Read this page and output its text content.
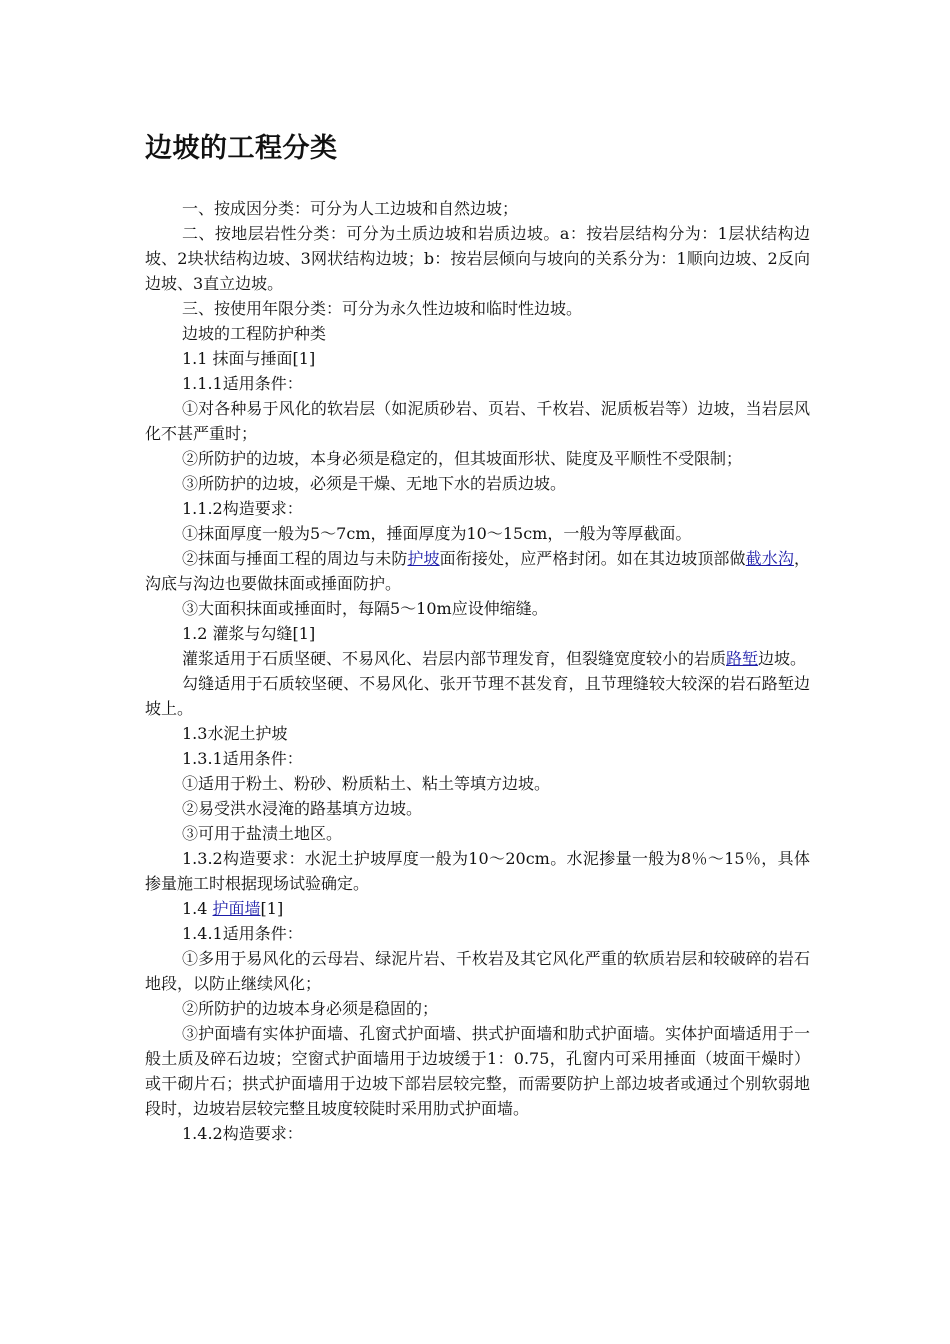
边坡的工程分类

一、按成因分类：可分为人工边坡和自然边坡；

二、按地层岩性分类：可分为土质边坡和岩质边坡。a：按岩层结构分为：1层状结构边坡、2块状结构边坡、3网状结构边坡；b：按岩层倾向与坡向的关系分为：1顺向边坡、2反向边坡、3直立边坡。

三、按使用年限分类：可分为永久性边坡和临时性边坡。

边坡的工程防护种类

1.1 抹面与捶面[1]

1.1.1适用条件：

①对各种易于风化的软岩层（如泥质砂岩、页岩、千枚岩、泥质板岩等）边坡，当岩层风化不甚严重时；

②所防护的边坡，本身必须是稳定的，但其坡面形状、陡度及平顺性不受限制；

③所防护的边坡，必须是干燥、无地下水的岩质边坡。

1.1.2构造要求：

①抹面厚度一般为5～7cm，捶面厚度为10～15cm，一般为等厚截面。

②抹面与捶面工程的周边与未防护坡面衔接处，应严格封闭。如在其边坡顶部做截水沟，沟底与沟边也要做抹面或捶面防护。

③大面积抹面或捶面时，每隔5～10m应设伸缩缝。

1.2 灌浆与勾缝[1]

灌浆适用于石质坚硬、不易风化、岩层内部节理发育，但裂缝宽度较小的岩质路堑边坡。

勾缝适用于石质较坚硬、不易风化、张开节理不甚发育，且节理缝较大较深的岩石路堑边坡上。

1.3水泥土护坡

1.3.1适用条件：

①适用于粉土、粉砂、粉质粘土、粘土等填方边坡。

②易受洪水浸淹的路基填方边坡。

③可用于盐渍土地区。

1.3.2构造要求：水泥土护坡厚度一般为10～20cm。水泥掺量一般为8％～15％，具体掺量施工时根据现场试验确定。

1.4 护面墙[1]

1.4.1适用条件：

①多用于易风化的云母岩、绿泥片岩、千枚岩及其它风化严重的软质岩层和较破碎的岩石地段，以防止继续风化；

②所防护的边坡本身必须是稳固的；

③护面墙有实体护面墙、孔窗式护面墙、拱式护面墙和肋式护面墙。实体护面墙适用于一般土质及碎石边坡；空窗式护面墙用于边坡缓于1：0.75，孔窗内可采用捶面（坡面干燥时）或干砌片石；拱式护面墙用于边坡下部岩层较完整，而需要防护上部边坡者或通过个别软弱地段时，边坡岩层较完整且坡度较陡时采用肋式护面墙。

1.4.2构造要求：
